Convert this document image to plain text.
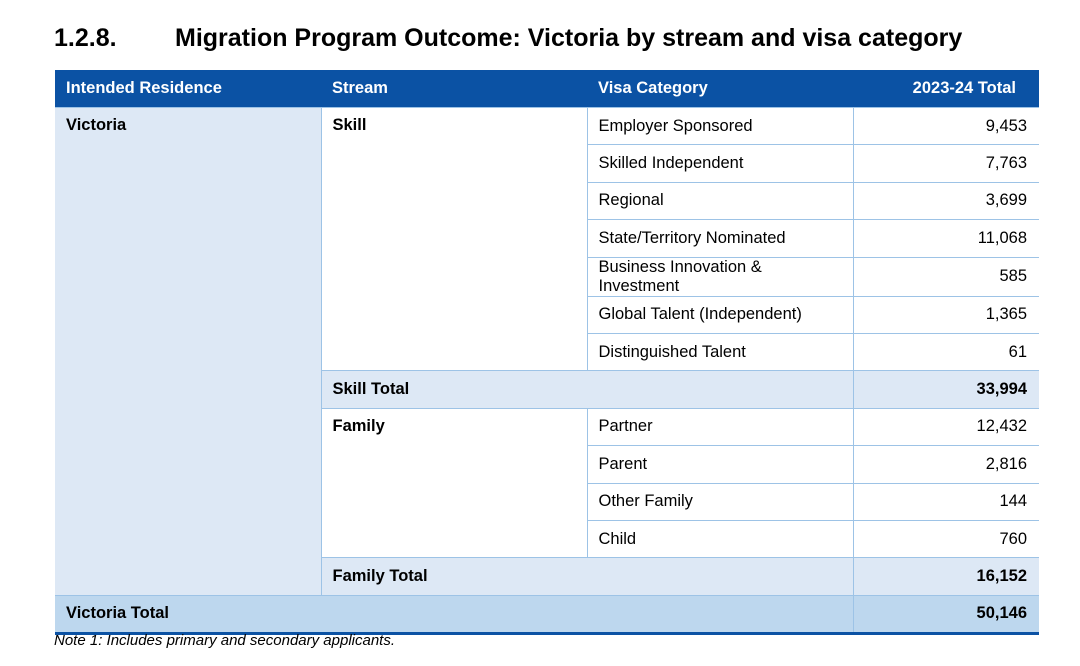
1.2.8. Migration Program Outcome: Victoria by stream and visa category
Intended Residence	Stream	Visa Category	2023-24 Total
Victoria	Skill	Employer Sponsored	9,453
		Skilled Independent	7,763
		Regional	3,699
		State/Territory Nominated	11,068
		Business Innovation & Investment	585
		Global Talent (Independent)	1,365
		Distinguished Talent	61
	Skill Total		33,994
	Family	Partner	12,432
		Parent	2,816
		Other Family	144
		Child	760
	Family Total		16,152
Victoria Total			50,146
Note 1: Includes primary and secondary applicants.
